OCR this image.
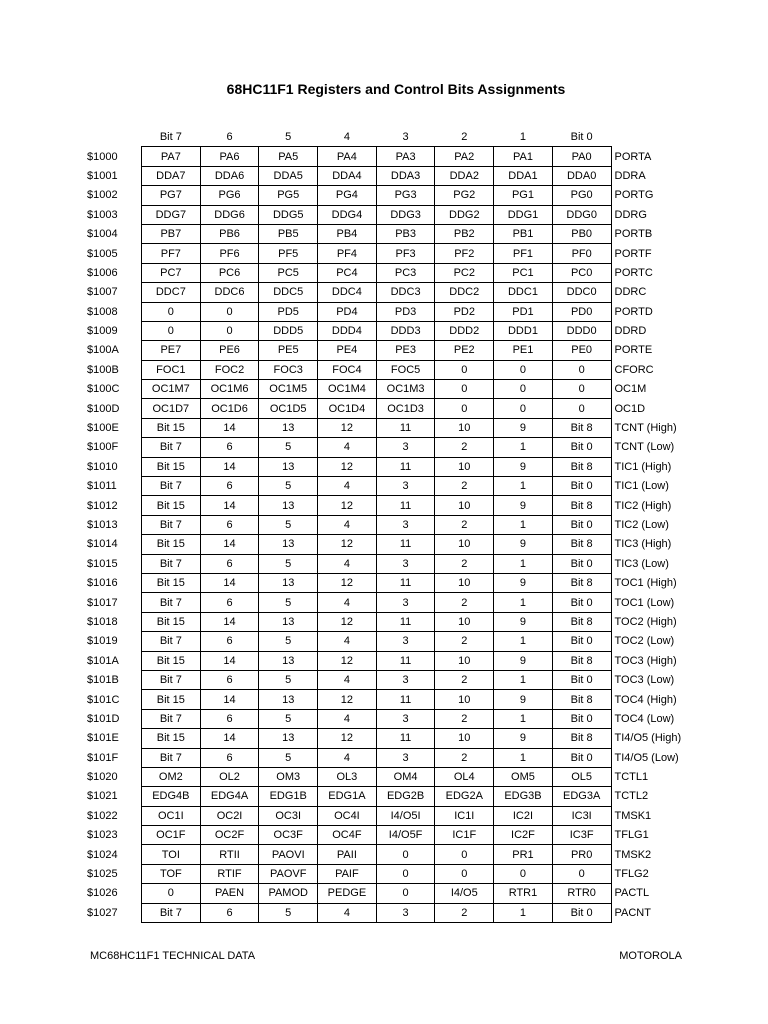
68HC11F1 Registers and Control Bits Assignments
	Bit 7	6	5	4	3	2	1	Bit 0	
$1000	PA7	PA6	PA5	PA4	PA3	PA2	PA1	PA0	PORTA
$1001	DDA7	DDA6	DDA5	DDA4	DDA3	DDA2	DDA1	DDA0	DDRA
$1002	PG7	PG6	PG5	PG4	PG3	PG2	PG1	PG0	PORTG
$1003	DDG7	DDG6	DDG5	DDG4	DDG3	DDG2	DDG1	DDG0	DDRG
$1004	PB7	PB6	PB5	PB4	PB3	PB2	PB1	PB0	PORTB
$1005	PF7	PF6	PF5	PF4	PF3	PF2	PF1	PF0	PORTF
$1006	PC7	PC6	PC5	PC4	PC3	PC2	PC1	PC0	PORTC
$1007	DDC7	DDC6	DDC5	DDC4	DDC3	DDC2	DDC1	DDC0	DDRC
$1008	0	0	PD5	PD4	PD3	PD2	PD1	PD0	PORTD
$1009	0	0	DDD5	DDD4	DDD3	DDD2	DDD1	DDD0	DDRD
$100A	PE7	PE6	PE5	PE4	PE3	PE2	PE1	PE0	PORTE
$100B	FOC1	FOC2	FOC3	FOC4	FOC5	0	0	0	CFORC
$100C	OC1M7	OC1M6	OC1M5	OC1M4	OC1M3	0	0	0	OC1M
$100D	OC1D7	OC1D6	OC1D5	OC1D4	OC1D3	0	0	0	OC1D
$100E	Bit 15	14	13	12	11	10	9	Bit 8	TCNT (High)
$100F	Bit 7	6	5	4	3	2	1	Bit 0	TCNT (Low)
$1010	Bit 15	14	13	12	11	10	9	Bit 8	TIC1 (High)
$1011	Bit 7	6	5	4	3	2	1	Bit 0	TIC1 (Low)
$1012	Bit 15	14	13	12	11	10	9	Bit 8	TIC2 (High)
$1013	Bit 7	6	5	4	3	2	1	Bit 0	TIC2 (Low)
$1014	Bit 15	14	13	12	11	10	9	Bit 8	TIC3 (High)
$1015	Bit 7	6	5	4	3	2	1	Bit 0	TIC3 (Low)
$1016	Bit 15	14	13	12	11	10	9	Bit 8	TOC1 (High)
$1017	Bit 7	6	5	4	3	2	1	Bit 0	TOC1 (Low)
$1018	Bit 15	14	13	12	11	10	9	Bit 8	TOC2 (High)
$1019	Bit 7	6	5	4	3	2	1	Bit 0	TOC2 (Low)
$101A	Bit 15	14	13	12	11	10	9	Bit 8	TOC3 (High)
$101B	Bit 7	6	5	4	3	2	1	Bit 0	TOC3 (Low)
$101C	Bit 15	14	13	12	11	10	9	Bit 8	TOC4 (High)
$101D	Bit 7	6	5	4	3	2	1	Bit 0	TOC4 (Low)
$101E	Bit 15	14	13	12	11	10	9	Bit 8	TI4/O5 (High)
$101F	Bit 7	6	5	4	3	2	1	Bit 0	TI4/O5 (Low)
$1020	OM2	OL2	OM3	OL3	OM4	OL4	OM5	OL5	TCTL1
$1021	EDG4B	EDG4A	EDG1B	EDG1A	EDG2B	EDG2A	EDG3B	EDG3A	TCTL2
$1022	OC1I	OC2I	OC3I	OC4I	I4/O5I	IC1I	IC2I	IC3I	TMSK1
$1023	OC1F	OC2F	OC3F	OC4F	I4/O5F	IC1F	IC2F	IC3F	TFLG1
$1024	TOI	RTII	PAOVI	PAII	0	0	PR1	PR0	TMSK2
$1025	TOF	RTIF	PAOVF	PAIF	0	0	0	0	TFLG2
$1026	0	PAEN	PAMOD	PEDGE	0	I4/O5	RTR1	RTR0	PACTL
$1027	Bit 7	6	5	4	3	2	1	Bit 0	PACNT
MC68HC11F1 TECHNICAL DATA	MOTOROLA
